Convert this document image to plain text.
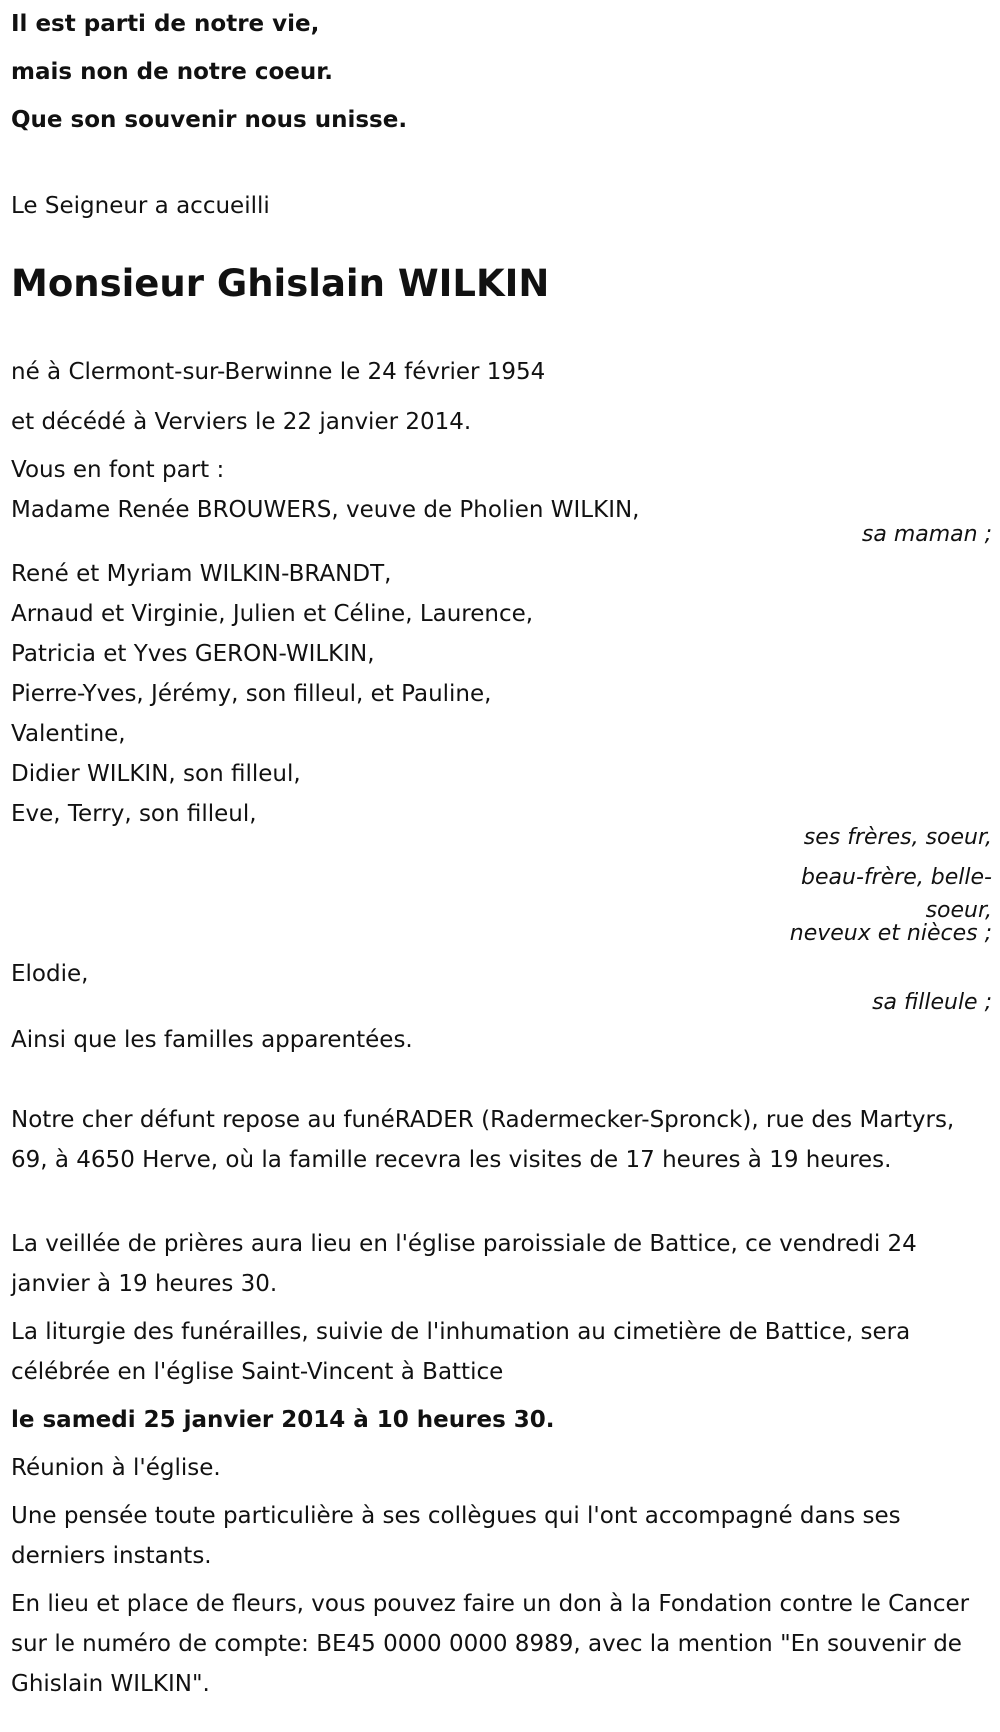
Il est parti de notre vie,
mais non de notre coeur.
Que son souvenir nous unisse.
Le Seigneur a accueilli
Monsieur Ghislain WILKIN
né à Clermont-sur-Berwinne le 24 février 1954
et décédé à Verviers le 22 janvier 2014.
Vous en font part :
Madame Renée BROUWERS, veuve de Pholien WILKIN,
sa maman ;
René et Myriam WILKIN-BRANDT,
Arnaud et Virginie, Julien et Céline, Laurence,
Patricia et Yves GERON-WILKIN,
Pierre-Yves, Jérémy, son filleul, et Pauline,
Valentine,
Didier WILKIN, son filleul,
Eve, Terry, son filleul,
ses frères, soeur,
beau-frère, belle-
soeur,
neveux et nièces ;
Elodie,
sa filleule ;
Ainsi que les familles apparentées.
Notre cher défunt repose au funéRADER (Radermecker-Spronck), rue des Martyrs, 69, à 4650 Herve, où la famille recevra les visites de 17 heures à 19 heures.
La veillée de prières aura lieu en l'église paroissiale de Battice, ce vendredi 24 janvier à 19 heures 30.
La liturgie des funérailles, suivie de l'inhumation au cimetière de Battice, sera célébrée en l'église Saint-Vincent à Battice
le samedi 25 janvier 2014 à 10 heures 30.
Réunion à l'église.
Une pensée toute particulière à ses collègues qui l'ont accompagné dans ses derniers instants.
En lieu et place de fleurs, vous pouvez faire un don à la Fondation contre le Cancer sur le numéro de compte: BE45 0000 0000 8989, avec la mention "En souvenir de Ghislain WILKIN".
